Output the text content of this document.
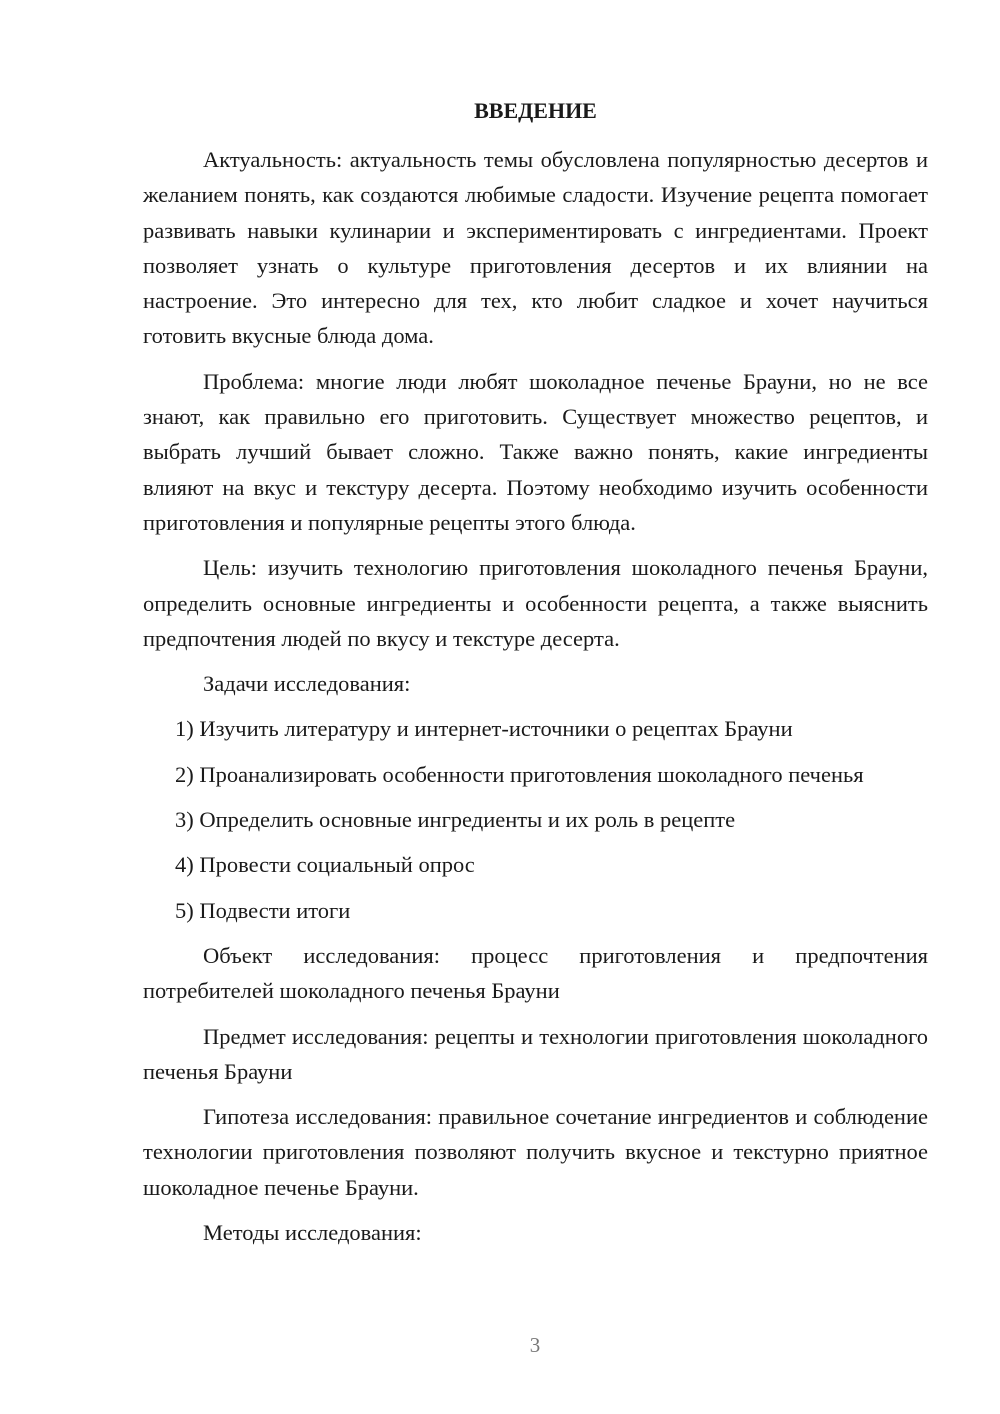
ВВЕДЕНИЕ

Актуальность: актуальность темы обусловлена популярностью десертов и желанием понять, как создаются любимые сладости. Изучение рецепта помогает развивать навыки кулинарии и экспериментировать с ингредиентами. Проект позволяет узнать о культуре приготовления десертов и их влиянии на настроение. Это интересно для тех, кто любит сладкое и хочет научиться готовить вкусные блюда дома.

Проблема: многие люди любят шоколадное печенье Брауни, но не все знают, как правильно его приготовить. Существует множество рецептов, и выбрать лучший бывает сложно. Также важно понять, какие ингредиенты влияют на вкус и текстуру десерта. Поэтому необходимо изучить особенности приготовления и популярные рецепты этого блюда.

Цель: изучить технологию приготовления шоколадного печенья Брауни, определить основные ингредиенты и особенности рецепта, а также выяснить предпочтения людей по вкусу и текстуре десерта.

Задачи исследования:

1) Изучить литературу и интернет-источники о рецептах Брауни

2) Проанализировать особенности приготовления шоколадного печенья

3) Определить основные ингредиенты и их роль в рецепте

4) Провести социальный опрос

5) Подвести итоги

Объект исследования: процесс приготовления и предпочтения потребителей шоколадного печенья Брауни

Предмет исследования: рецепты и технологии приготовления шоколадного печенья Брауни

Гипотеза исследования: правильное сочетание ингредиентов и соблюдение технологии приготовления позволяют получить вкусное и текстурно приятное шоколадное печенье Брауни.

Методы исследования:

3
